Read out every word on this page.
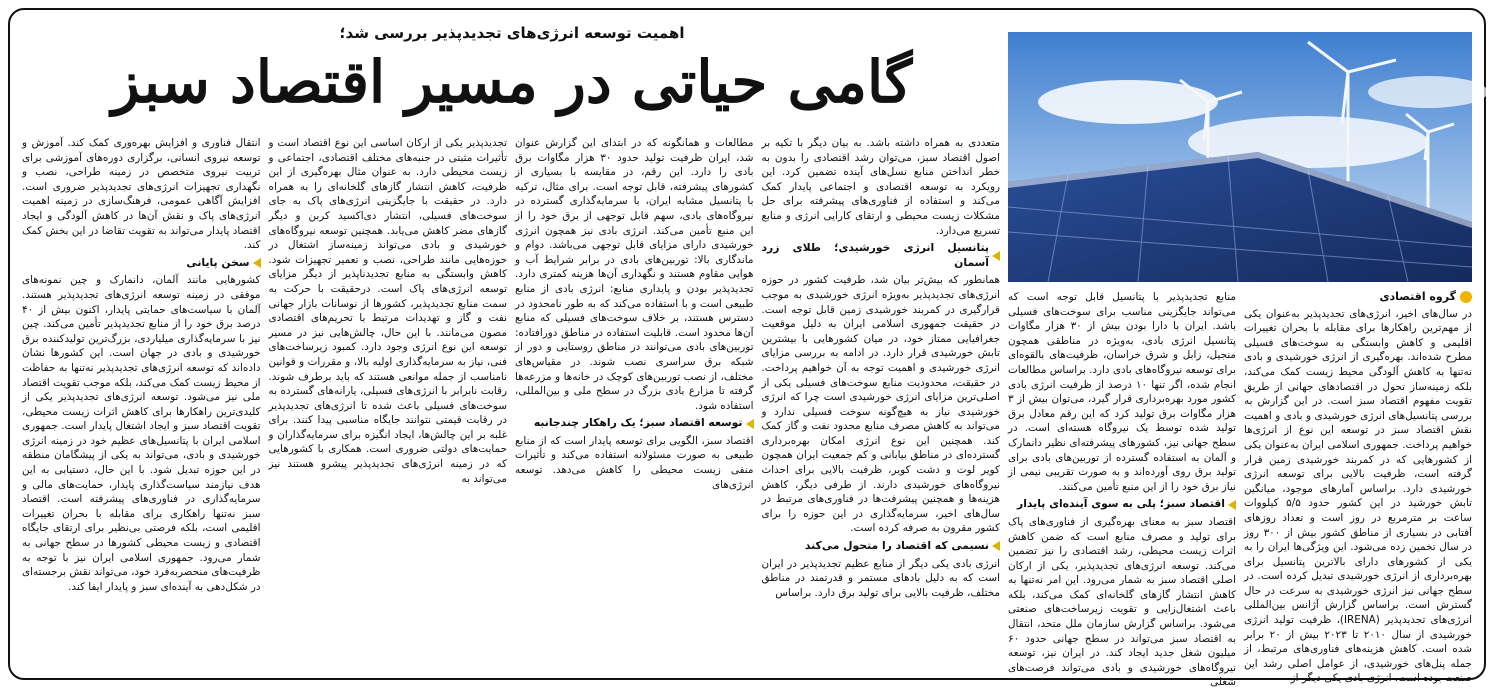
اهمیت توسعه انرژی‌های تجدیدپذیر بررسی شد؛
گامی حیاتی در مسیر اقتصاد سبز
گروه اقتصادی

در سال‌های اخیر، انرژی‌های تجدیدپذیر به‌عنوان یکی از مهم‌ترین راهکارها برای مقابله با بحران تغییرات اقلیمی و کاهش وابستگی به سوخت‌های فسیلی مطرح شده‌اند. بهره‌گیری از انرژی خورشیدی و بادی نه‌تنها به کاهش آلودگی محیط زیست کمک می‌کند، بلکه زمینه‌ساز تحول در اقتصادهای جهانی از طریق تقویت مفهوم اقتصاد سبز است. در این گزارش به بررسی پتانسیل‌های انرژی خورشیدی و بادی و اهمیت نقش اقتصاد سبز در توسعه این نوع از انرژی‌ها خواهیم پرداخت. جمهوری اسلامی ایران به‌عنوان یکی از کشورهایی که در کمربند خورشیدی زمین قرار گرفته است، ظرفیت بالایی برای توسعه انرژی خورشیدی دارد. براساس آمارهای موجود، میانگین تابش خورشید در این کشور حدود ۵/۵ کیلووات ساعت بر مترمربع در روز است و تعداد روزهای آفتابی در بسیاری از مناطق کشور بیش از ۳۰۰ روز در سال تخمین زده می‌شود. این ویژگی‌ها ایران را به یکی از کشورهای دارای بالاترین پتانسیل برای بهره‌برداری از انرژی خورشیدی تبدیل کرده است. در سطح جهانی نیز انرژی خورشیدی به سرعت در حال گسترش است. براساس گزارش آژانس بین‌المللی انرژی‌های تجدیدپذیر (IRENA)، ظرفیت تولید انرژی خورشیدی از سال ۲۰۱۰ تا ۲۰۲۳ بیش از ۲۰ برابر شده است. کاهش هزینه‌های فناوری‌های مرتبط، از جمله پنل‌های خورشیدی، از عوامل اصلی رشد این صنعت بوده است. انرژی بادی یکی دیگر از

منابع تجدیدپذیر با پتانسیل قابل توجه است که می‌تواند جایگزینی مناسب برای سوخت‌های فسیلی باشد. ایران با دارا بودن بیش از ۳۰ هزار مگاوات پتانسیل انرژی بادی، به‌ویژه در مناطقی همچون منجیل، زابل و شرق خراسان، ظرفیت‌های بالقوه‌ای برای توسعه نیروگاه‌های بادی دارد. براساس مطالعات انجام شده، اگر تنها ۱۰ درصد از ظرفیت انرژی بادی کشور مورد بهره‌برداری قرار گیرد، می‌توان بیش از ۳ هزار مگاوات برق تولید کرد که این رقم معادل برق تولید شده توسط یک نیروگاه هسته‌ای است. در سطح جهانی نیز، کشورهای پیشرفته‌ای نظیر دانمارک و آلمان به استفاده گسترده از توربین‌های بادی برای تولید برق روی آورده‌اند و به صورت تقریبی نیمی از نیاز برق خود را از این منبع تأمین می‌کنند.

اقتصاد سبز؛ پلی به سوی آینده‌ای پایدار

اقتصاد سبز به معنای بهره‌گیری از فناوری‌های پاک برای تولید و مصرف منابع است که ضمن کاهش اثرات زیست محیطی، رشد اقتصادی را نیز تضمین می‌کند. توسعه انرژی‌های تجدیدپذیر، یکی از ارکان اصلی اقتصاد سبز به شمار می‌رود. این امر نه‌تنها به کاهش انتشار گازهای گلخانه‌ای کمک می‌کند، بلکه باعث اشتغال‌زایی و تقویت زیرساخت‌های صنعتی می‌شود. براساس گزارش سازمان ملل متحد، انتقال به اقتصاد سبز می‌تواند در سطح جهانی حدود ۶۰ میلیون شغل جدید ایجاد کند. در ایران نیز، توسعه نیروگاه‌های خورشیدی و بادی می‌تواند فرصت‌های شغلی

متعددی به همراه داشته باشد. به بیان دیگر با تکیه بر اصول اقتصاد سبز، می‌توان رشد اقتصادی را بدون به خطر انداختن منابع نسل‌های آینده تضمین کرد. این رویکرد به توسعه اقتصادی و اجتماعی پایدار کمک می‌کند و استفاده از فناوری‌های پیشرفته برای حل مشکلات زیست محیطی و ارتقای کارایی انرژی و منابع تسریع می‌دارد.

پتانسیل انرژی خورشیدی؛ طلای زرد آسمان

همانطور که بیش‌تر بیان شد، طرفیت کشور در حوزه انرژی‌های تجدیدپذیر به‌ویژه انرژی خورشیدی به موجب قرارگیری در کمربند خورشیدی زمین قابل توجه است. در حقیقت جمهوری اسلامی ایران به دلیل موقعیت جغرافیایی ممتاز خود، در میان کشورهایی با بیشترین تابش خورشیدی قرار دارد. در ادامه به بررسی مزایای انرژی خورشیدی و اهمیت توجه به آن خواهیم پرداخت. در حقیقت، محدودیت منابع سوخت‌های فسیلی یکی از اصلی‌ترین مزایای انرژی خورشیدی است چرا که انرژی خورشیدی نیاز به هیچ‌گونه سوخت فسیلی ندارد و می‌تواند به کاهش مصرف منابع محدود نفت و گاز کمک کند. همچنین این نوع انرژی امکان بهره‌برداری گسترده‌ای در مناطق بیابانی و کم جمعیت ایران همچون کویر لوت و دشت کویر، ظرفیت بالایی برای احداث نیروگاه‌های خورشیدی دارند. از طرفی دیگر، کاهش هزینه‌ها و همچنین پیشرفت‌ها در فناوری‌های مرتبط در سال‌های اخیر، سرمایه‌گذاری در این حوزه را برای کشور مقرون به صرفه کرده است.

نسیمی که اقتصاد را متحول می‌کند

انرژی بادی یکی دیگر از منابع عظیم تجدیدپذیر در ایران است که به دلیل بادهای مستمر و قدرتمند در مناطق مختلف، ظرفیت بالایی برای تولید برق دارد. براساس

مطالعات و همانگونه که در ابتدای این گزارش عنوان شد، ایران ظرفیت تولید حدود ۳۰ هزار مگاوات برق بادی را دارد. این رقم، در مقایسه با بسیاری از کشورهای پیشرفته، قابل توجه است. برای مثال، ترکیه با پتانسیل مشابه ایران، با سرمایه‌گذاری گسترده در نیروگاه‌های بادی، سهم قابل توجهی از برق خود را از این منبع تأمین می‌کند. انرژی بادی نیز همچون انرژی خورشیدی دارای مزایای قابل توجهی می‌باشد. دوام و ماندگاری بالا: توربین‌های بادی در برابر شرایط آب و هوایی مقاوم هستند و نگهداری آن‌ها هزینه کمتری دارد. تجدیدپذیر بودن و پایداری منابع: انرژی بادی از منابع طبیعی است و با استفاده می‌کند که به طور نامحدود در دسترس هستند، بر خلاف سوخت‌های فسیلی که منابع آن‌ها محدود است. قابلیت استفاده در مناطق دورافتاده: توربین‌های بادی می‌توانند در مناطق روستایی و دور از شبکه برق سراسری نصب شوند. در مقیاس‌های مختلف، از نصب توربین‌های کوچک در خانه‌ها و مزرعه‌ها گرفته تا مزارع بادی بزرگ در سطح ملی و بین‌المللی، استفاده شود.

توسعه اقتصاد سبز؛ یک راهکار چندجانبه

اقتصاد سبز، الگویی برای توسعه پایدار است که از منابع طبیعی به صورت مسئولانه استفاده می‌کند و تأثیرات منفی زیست محیطی را کاهش می‌دهد. توسعه انرژی‌های

تجدیدپذیر یکی از ارکان اساسی این نوع اقتصاد است و تأثیرات مثبتی در جنبه‌های مختلف اقتصادی، اجتماعی و زیست محیطی دارد. به عنوان مثال بهره‌گیری از این ظرفیت، کاهش انتشار گازهای گلخانه‌ای را به همراه دارد. در حقیقت با جایگزینی انرژی‌های پاک به جای سوخت‌های فسیلی، انتشار دی‌اکسید کربن و دیگر گازهای مضر کاهش می‌یابد. همچنین توسعه نیروگاه‌های خورشیدی و بادی می‌تواند زمینه‌ساز اشتغال در حوزه‌هایی مانند طراحی، نصب و تعمیر تجهیزات شود. کاهش وابستگی به منابع تجدیدناپذیر از دیگر مزایای توسعه انرژی‌های پاک است. درحقیقت با حرکت به سمت منابع تجدیدپذیر، کشورها از نوسانات بازار جهانی نفت و گاز و تهدیدات مرتبط با تحریم‌های اقتصادی مصون می‌مانند. با این حال، چالش‌هایی نیز در مسیر توسعه این نوع انرژی وجود دارد. کمبود زیرساخت‌های فنی، نیاز به سرمایه‌گذاری اولیه بالا، و مقررات و قوانین نامناسب از جمله موانعی هستند که باید برطرف شوند. رقابت نابرابر با انرژی‌های فسیلی، یارانه‌های گسترده به سوخت‌های فسیلی باعث شده تا انرژی‌های تجدیدپذیر در رقابت قیمتی نتوانند جایگاه مناسبی پیدا کنند. برای غلبه بر این چالش‌ها، ایجاد انگیزه برای سرمایه‌گذاران و حمایت‌های دولتی ضروری است. همکاری با کشورهایی که در زمینه انرژی‌های تجدیدپذیر پیشرو هستند نیز می‌تواند به

انتقال فناوری و افزایش بهره‌وری کمک کند. آموزش و توسعه نیروی انسانی، برگزاری دوره‌های آموزشی برای تربیت نیروی متخصص در زمینه طراحی، نصب و نگهداری تجهیزات انرژی‌های تجدیدپذیر ضروری است. افزایش آگاهی عمومی، فرهنگ‌سازی در زمینه اهمیت انرژی‌های پاک و نقش آن‌ها در کاهش آلودگی و ایجاد اقتصاد پایدار می‌تواند به تقویت تقاضا در این بخش کمک کند.

سخن پایانی

کشورهایی مانند آلمان، دانمارک و چین نمونه‌های موفقی در زمینه توسعه انرژی‌های تجدیدپذیر هستند. آلمان با سیاست‌های حمایتی پایدار، اکنون بیش از ۴۰ درصد برق خود را از منابع تجدیدپذیر تأمین می‌کند. چین نیز با سرمایه‌گذاری میلیاردی، بزرگ‌ترین تولیدکننده برق خورشیدی و بادی در جهان است. این کشورها نشان داده‌اند که توسعه انرژی‌های تجدیدپذیر نه‌تنها به حفاظت از محیط زیست کمک می‌کند، بلکه موجب تقویت اقتصاد ملی نیز می‌شود. توسعه انرژی‌های تجدیدپذیر یکی از کلیدی‌ترین راهکارها برای کاهش اثرات زیست محیطی، تقویت اقتصاد سبز و ایجاد اشتغال پایدار است. جمهوری اسلامی ایران با پتانسیل‌های عظیم خود در زمینه انرژی خورشیدی و بادی، می‌تواند به یکی از پیشگامان منطقه در این حوزه تبدیل شود. با این حال، دستیابی به این هدف نیازمند سیاست‌گذاری پایدار، حمایت‌های مالی و سرمایه‌گذاری در فناوری‌های پیشرفته است. اقتصاد سبز نه‌تنها راهکاری برای مقابله با بحران تغییرات اقلیمی است، بلکه فرصتی بی‌نظیر برای ارتقای جایگاه اقتصادی و زیست محیطی کشورها در سطح جهانی به شمار می‌رود. جمهوری اسلامی ایران نیز با توجه به ظرفیت‌های منحصربه‌فرد خود، می‌تواند نقش برجسته‌ای در شکل‌دهی به آینده‌ای سبز و پایدار ایفا کند.
